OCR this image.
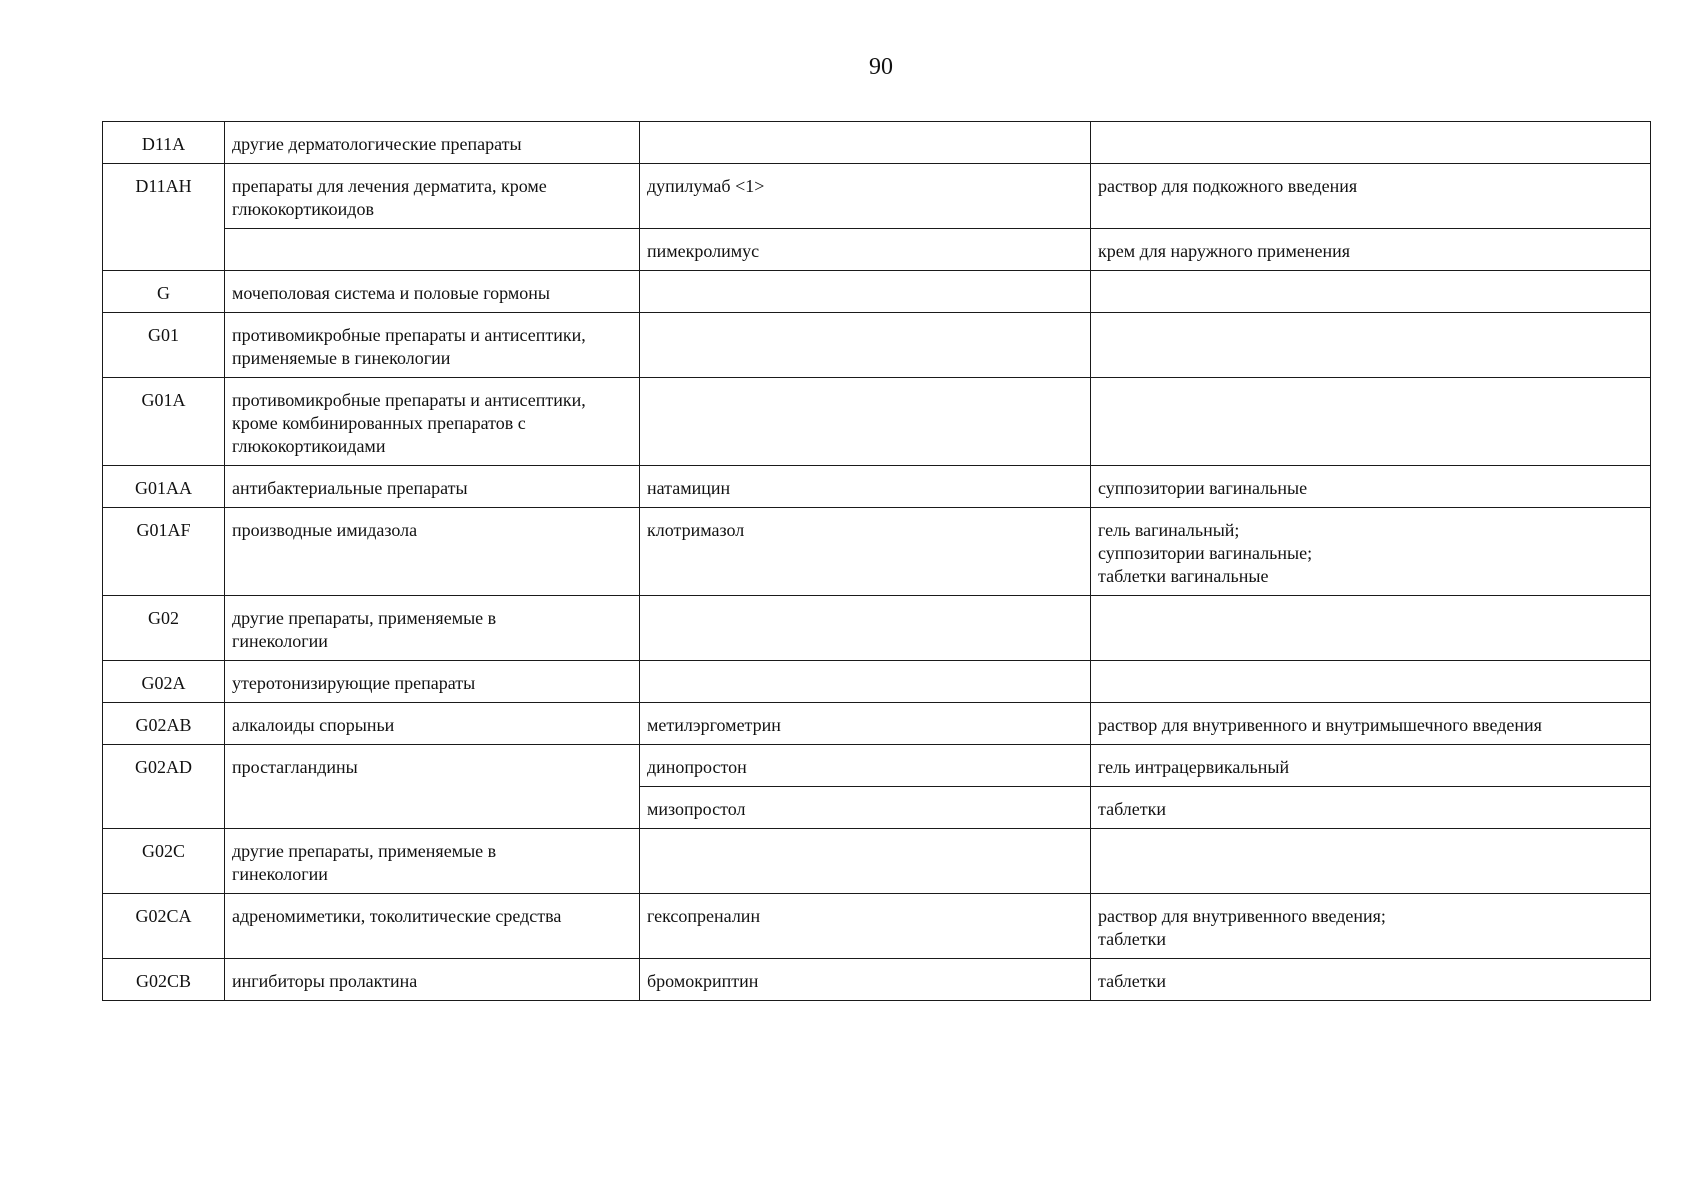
90
D11A	другие дерматологические препараты		
D11AH	препараты для лечения дерматита, кроме
глюкокортикоидов	дупилумаб <1>	раствор для подкожного введения
		пимекролимус	крем для наружного применения
G	мочеполовая система и половые гормоны		
G01	противомикробные препараты и антисептики,
применяемые в гинекологии		
G01A	противомикробные препараты и антисептики,
кроме комбинированных препаратов с
глюкокортикоидами		
G01AA	антибактериальные препараты	натамицин	суппозитории вагинальные
G01AF	производные имидазола	клотримазол	гель вагинальный;
суппозитории вагинальные;
таблетки вагинальные
G02	другие препараты, применяемые в
гинекологии		
G02A	утеротонизирующие препараты		
G02AB	алкалоиды спорыньи	метилэргометрин	раствор для внутривенного и внутримышечного введения
G02AD	простагландины	динопростон	гель интрацервикальный
		мизопростол	таблетки
G02C	другие препараты, применяемые в
гинекологии		
G02CA	адреномиметики, токолитические средства	гексопреналин	раствор для внутривенного введения;
таблетки
G02CB	ингибиторы пролактина	бромокриптин	таблетки
